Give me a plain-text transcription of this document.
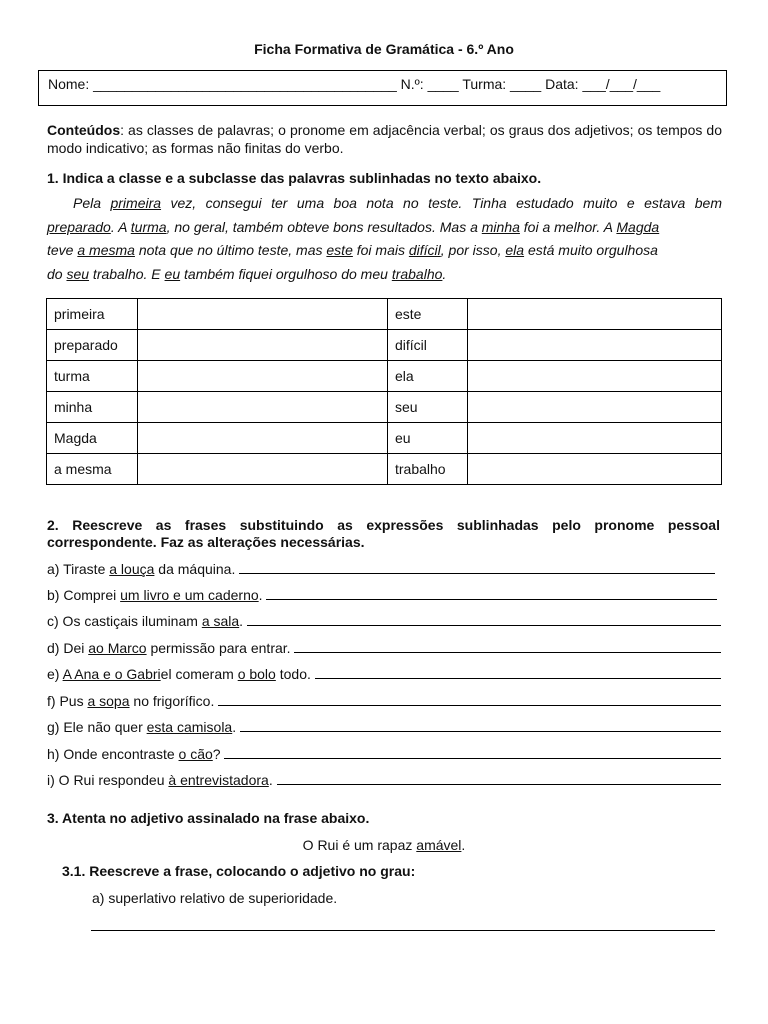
Ficha Formativa de Gramática - 6.º Ano
Nome: _______________________________________ N.º: ____ Turma: ____ Data: ___/___/___
Conteúdos: as classes de palavras; o pronome em adjacência verbal; os graus dos adjetivos; os tempos do modo indicativo; as formas não finitas do verbo.
1. Indica a classe e a subclasse das palavras sublinhadas no texto abaixo.
Pela primeira vez, consegui ter uma boa nota no teste. Tinha estudado muito e estava bem
preparado. A turma, no geral, também obteve bons resultados. Mas a minha foi a melhor. A Magda
teve a mesma nota que no último teste, mas este foi mais difícil, por isso, ela está muito orgulhosa
do seu trabalho. E eu também fiquei orgulhoso do meu trabalho.
primeira		este	
preparado		difícil	
turma		ela	
minha		seu	
Magda		eu	
a mesma		trabalho	
2. Reescreve as frases substituindo as expressões sublinhadas pelo pronome pessoal
correspondente. Faz as alterações necessárias.
a) Tiraste a louça da máquina.
b) Comprei um livro e um caderno.
c) Os castiçais iluminam a sala.
d) Dei ao Marco permissão para entrar.
e) A Ana e o Gabriel comeram o bolo todo.
f) Pus a sopa no frigorífico.
g) Ele não quer esta camisola.
h) Onde encontraste o cão?
i) O Rui respondeu à entrevistadora.
3. Atenta no adjetivo assinalado na frase abaixo.
O Rui é um rapaz amável.
3.1. Reescreve a frase, colocando o adjetivo no grau:
a) superlativo relativo de superioridade.
